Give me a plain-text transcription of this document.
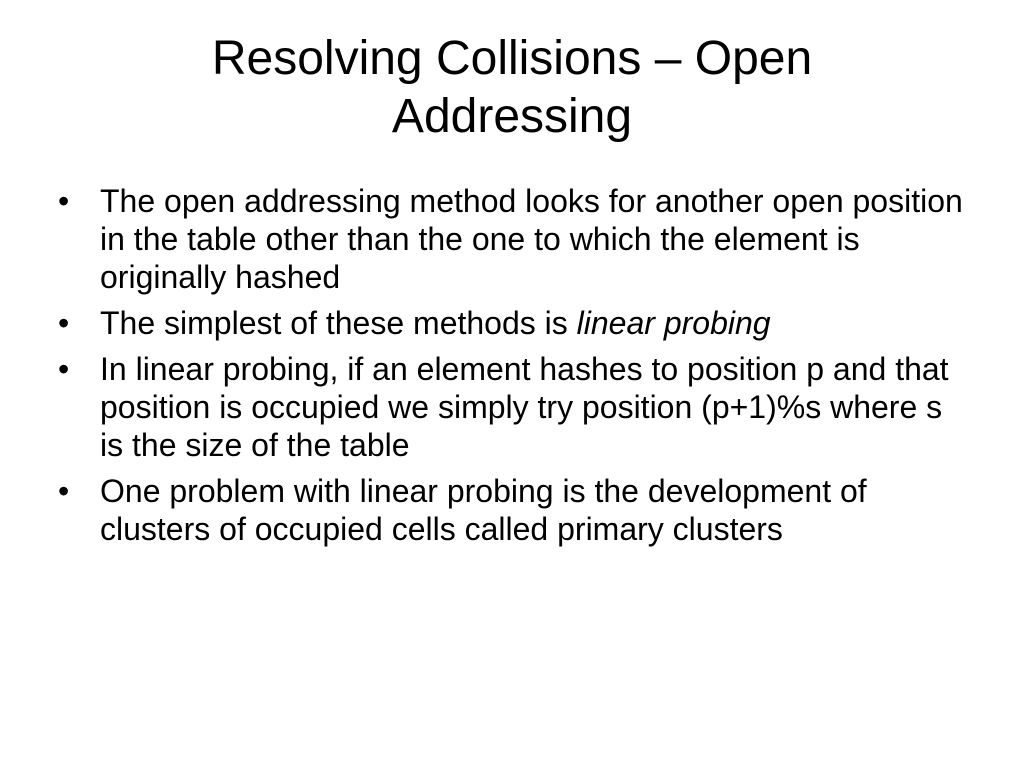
Resolving Collisions – Open
Addressing
• The open addressing method looks for another open position in the table other than the one to which the element is originally hashed
• The simplest of these methods is linear probing
• In linear probing, if an element hashes to position p and that position is occupied we simply try position (p+1)%s where s is the size of the table
• One problem with linear probing is the development of clusters of occupied cells called primary clusters
